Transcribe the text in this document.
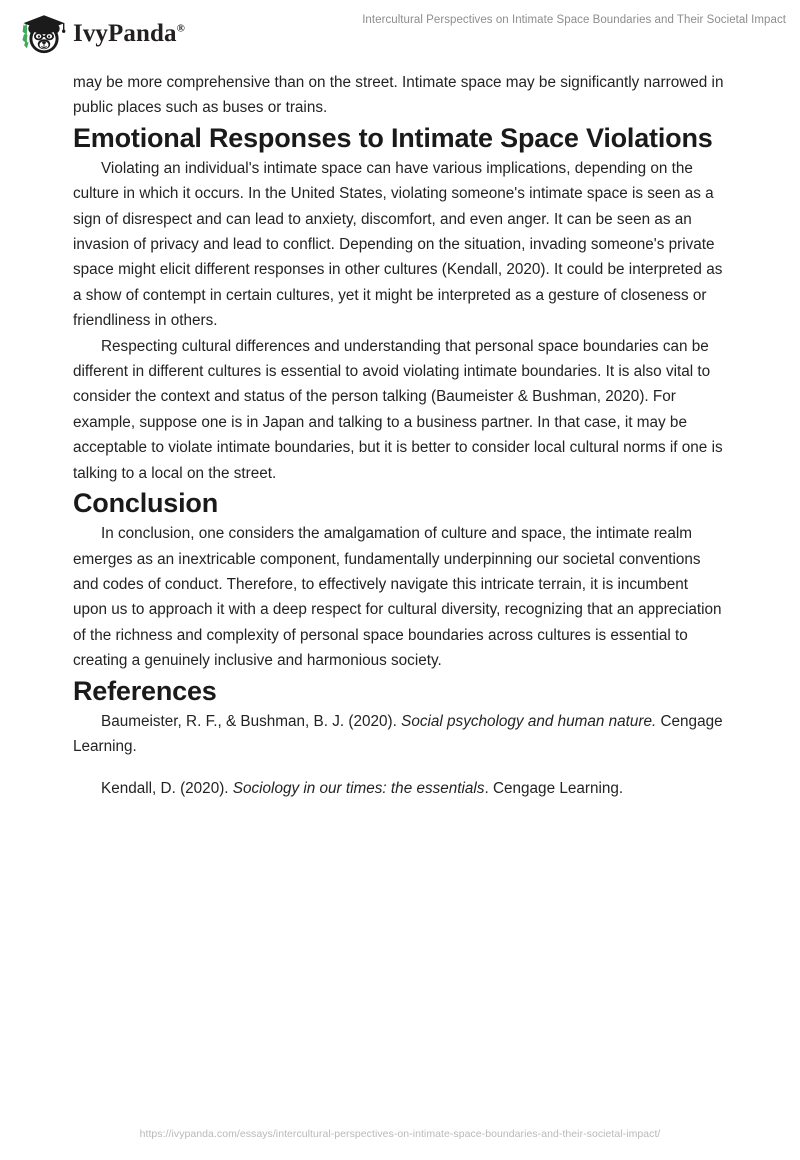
IvyPanda®
Intercultural Perspectives on Intimate Space Boundaries and Their Societal Impact

may be more comprehensive than on the street. Intimate space may be significantly narrowed in public places such as buses or trains.

Emotional Responses to Intimate Space Violations

Violating an individual's intimate space can have various implications, depending on the culture in which it occurs. In the United States, violating someone's intimate space is seen as a sign of disrespect and can lead to anxiety, discomfort, and even anger. It can be seen as an invasion of privacy and lead to conflict. Depending on the situation, invading someone's private space might elicit different responses in other cultures (Kendall, 2020). It could be interpreted as a show of contempt in certain cultures, yet it might be interpreted as a gesture of closeness or friendliness in others.

Respecting cultural differences and understanding that personal space boundaries can be different in different cultures is essential to avoid violating intimate boundaries. It is also vital to consider the context and status of the person talking (Baumeister & Bushman, 2020). For example, suppose one is in Japan and talking to a business partner. In that case, it may be acceptable to violate intimate boundaries, but it is better to consider local cultural norms if one is talking to a local on the street.

Conclusion

In conclusion, one considers the amalgamation of culture and space, the intimate realm emerges as an inextricable component, fundamentally underpinning our societal conventions and codes of conduct. Therefore, to effectively navigate this intricate terrain, it is incumbent upon us to approach it with a deep respect for cultural diversity, recognizing that an appreciation of the richness and complexity of personal space boundaries across cultures is essential to creating a genuinely inclusive and harmonious society.

References

Baumeister, R. F., & Bushman, B. J. (2020). Social psychology and human nature. Cengage Learning.

Kendall, D. (2020). Sociology in our times: the essentials. Cengage Learning.

https://ivypanda.com/essays/intercultural-perspectives-on-intimate-space-boundaries-and-their-societal-impact/
